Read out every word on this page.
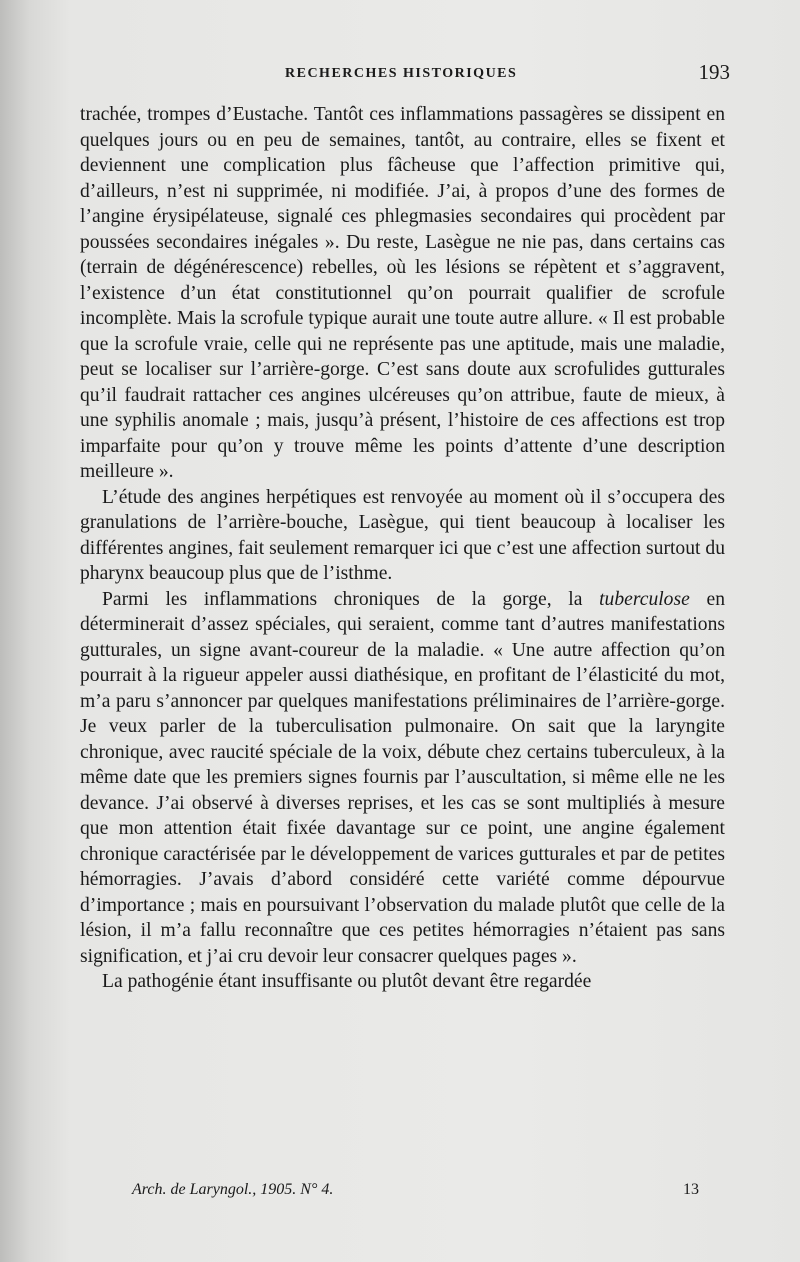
RECHERCHES HISTORIQUES	193

trachée, trompes d’Eustache. Tantôt ces inflammations passagères se dissipent en quelques jours ou en peu de semaines, tantôt, au contraire, elles se fixent et deviennent une complication plus fâcheuse que l’affection primitive qui, d’ailleurs, n’est ni supprimée, ni modifiée. J’ai, à propos d’une des formes de l’angine érysipélateuse, signalé ces phlegmasies secondaires qui procèdent par poussées secondaires inégales ». Du reste, Lasègue ne nie pas, dans certains cas (terrain de dégénérescence) rebelles, où les lésions se répètent et s’aggravent, l’existence d’un état constitutionnel qu’on pourrait qualifier de scrofule incomplète. Mais la scrofule typique aurait une toute autre allure. « Il est probable que la scrofule vraie, celle qui ne représente pas une aptitude, mais une maladie, peut se localiser sur l’arrière-gorge. C’est sans doute aux scrofulides gutturales qu’il faudrait rattacher ces angines ulcéreuses qu’on attribue, faute de mieux, à une syphilis anomale ; mais, jusqu’à présent, l’histoire de ces affections est trop imparfaite pour qu’on y trouve même les points d’attente d’une description meilleure ».

L’étude des angines herpétiques est renvoyée au moment où il s’occupera des granulations de l’arrière-bouche, Lasègue, qui tient beaucoup à localiser les différentes angines, fait seulement remarquer ici que c’est une affection surtout du pharynx beaucoup plus que de l’isthme.

Parmi les inflammations chroniques de la gorge, la tuberculose en déterminerait d’assez spéciales, qui seraient, comme tant d’autres manifestations gutturales, un signe avant-coureur de la maladie. « Une autre affection qu’on pourrait à la rigueur appeler aussi diathésique, en profitant de l’élasticité du mot, m’a paru s’annoncer par quelques manifestations préliminaires de l’arrière-gorge. Je veux parler de la tuberculisation pulmonaire. On sait que la laryngite chronique, avec raucité spéciale de la voix, débute chez certains tuberculeux, à la même date que les premiers signes fournis par l’auscultation, si même elle ne les devance. J’ai observé à diverses reprises, et les cas se sont multipliés à mesure que mon attention était fixée davantage sur ce point, une angine également chronique caractérisée par le développement de varices gutturales et par de petites hémorragies. J’avais d’abord considéré cette variété comme dépourvue d’importance ; mais en poursuivant l’observation du malade plutôt que celle de la lésion, il m’a fallu reconnaître que ces petites hémorragies n’étaient pas sans signification, et j’ai cru devoir leur consacrer quelques pages ».

La pathogénie étant insuffisante ou plutôt devant être regardée

Arch. de Laryngol., 1905. N° 4.	13
